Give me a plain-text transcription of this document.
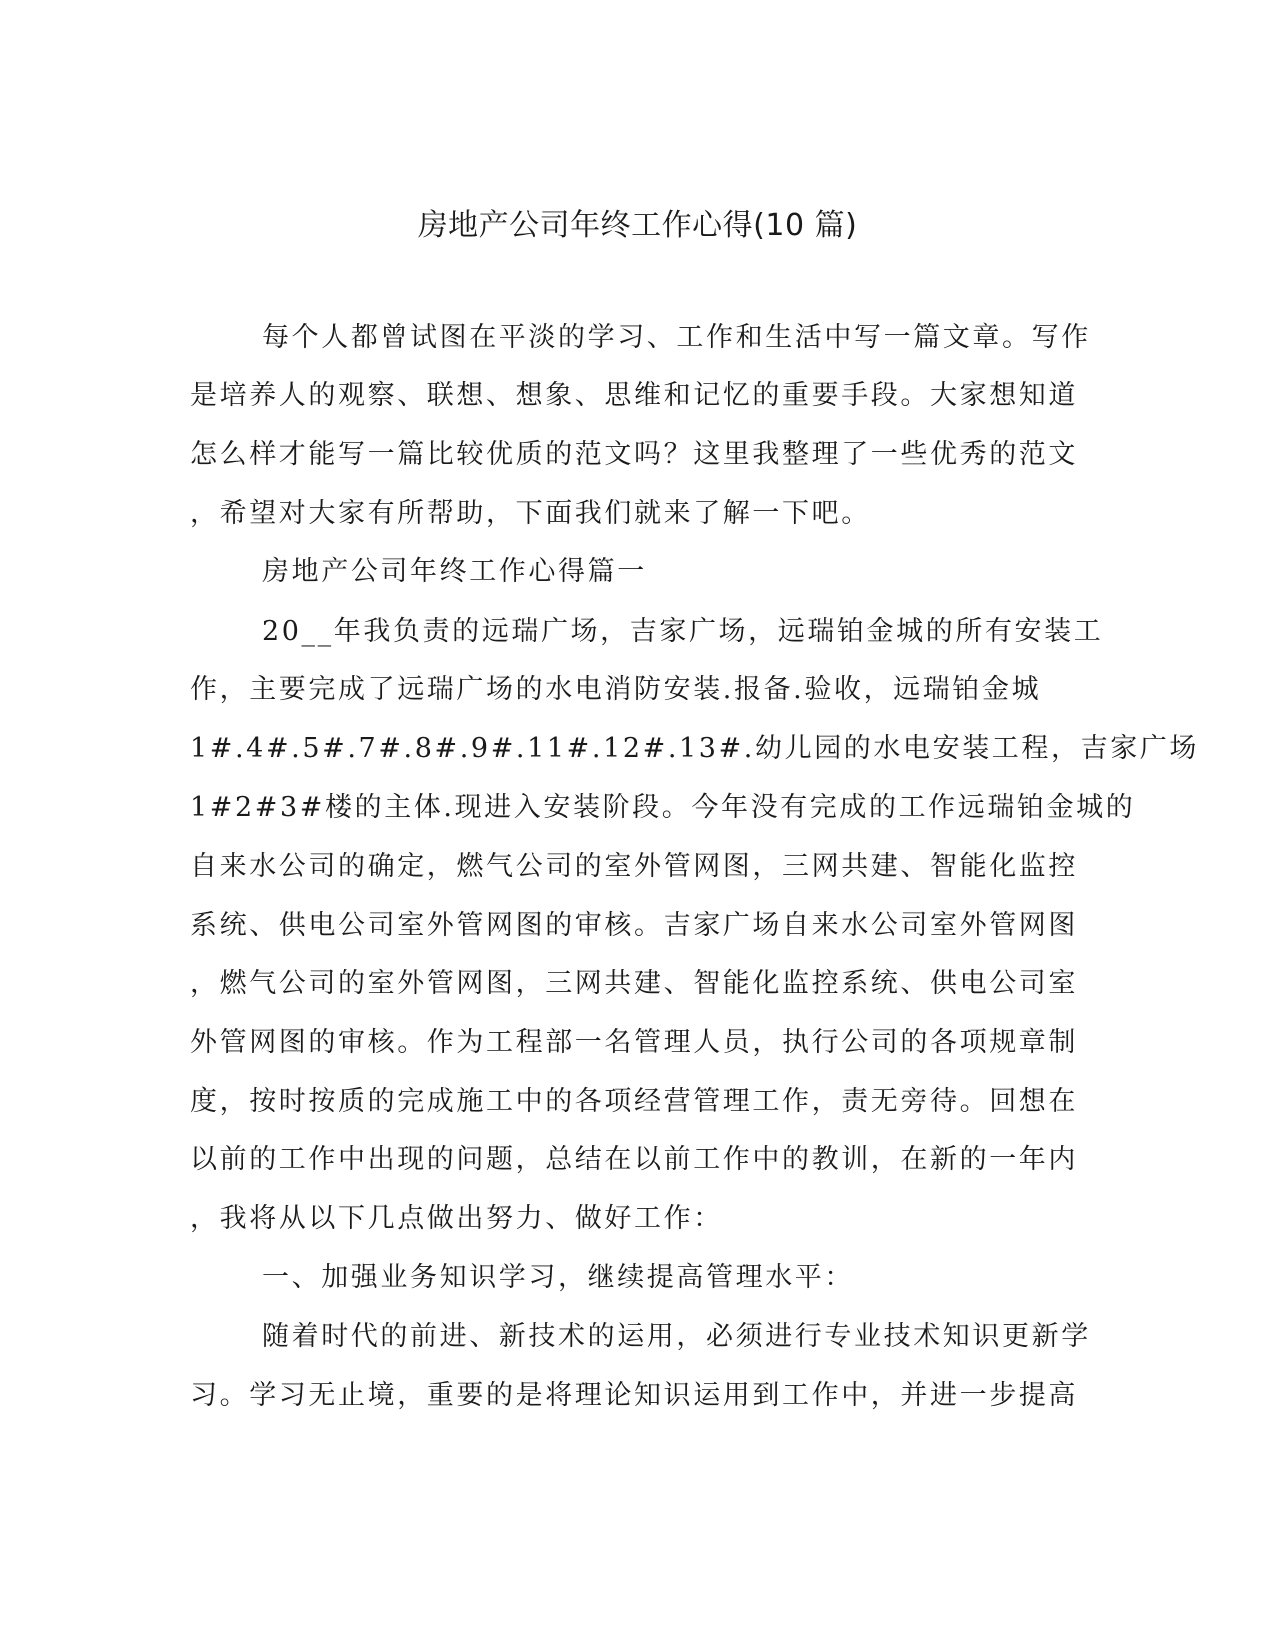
房地产公司年终工作心得(10 篇)
每个人都曾试图在平淡的学习、工作和生活中写一篇文章。写作
是培养人的观察、联想、想象、思维和记忆的重要手段。大家想知道
怎么样才能写一篇比较优质的范文吗？这里我整理了一些优秀的范文
，希望对大家有所帮助，下面我们就来了解一下吧。
房地产公司年终工作心得篇一
20__年我负责的远瑞广场，吉家广场，远瑞铂金城的所有安装工
作，主要完成了远瑞广场的水电消防安装.报备.验收，远瑞铂金城
1#.4#.5#.7#.8#.9#.11#.12#.13#.幼儿园的水电安装工程，吉家广场
1#2#3#楼的主体.现进入安装阶段。今年没有完成的工作远瑞铂金城的
自来水公司的确定，燃气公司的室外管网图，三网共建、智能化监控
系统、供电公司室外管网图的审核。吉家广场自来水公司室外管网图
，燃气公司的室外管网图，三网共建、智能化监控系统、供电公司室
外管网图的审核。作为工程部一名管理人员，执行公司的各项规章制
度，按时按质的完成施工中的各项经营管理工作，责无旁待。回想在
以前的工作中出现的问题，总结在以前工作中的教训，在新的一年内
，我将从以下几点做出努力、做好工作：
一、加强业务知识学习，继续提高管理水平：
随着时代的前进、新技术的运用，必须进行专业技术知识更新学
习。学习无止境，重要的是将理论知识运用到工作中，并进一步提高
